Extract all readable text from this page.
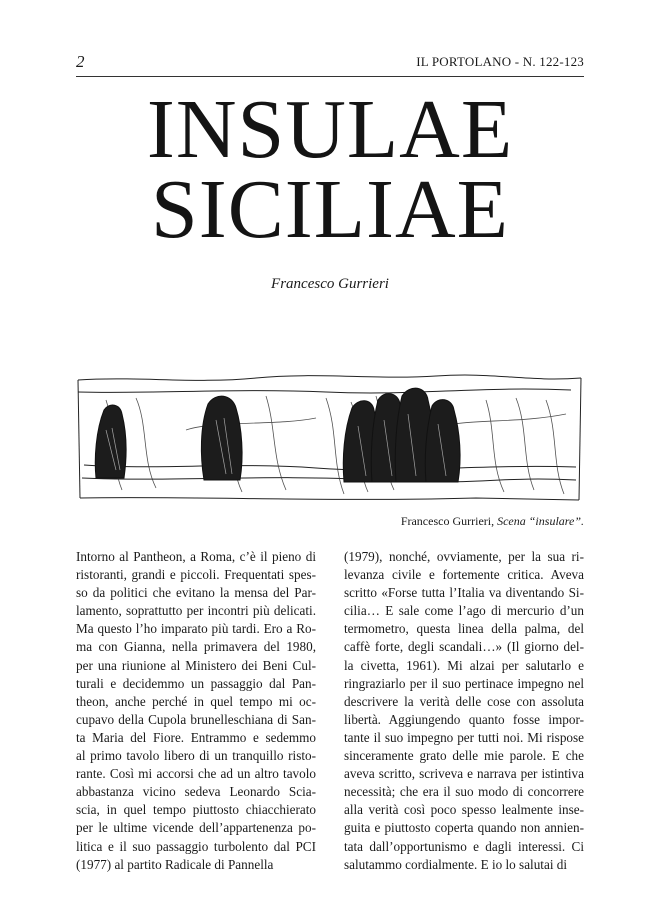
2	IL PORTOLANO - N. 122-123
INSULAE
SICILIAE
Francesco Gurrieri
Francesco Gurrieri, Scena “insulare”.
Intorno al Pantheon, a Roma, c’è il pieno di
ristoranti, grandi e piccoli. Frequentati spes-
so da politici che evitano la mensa del Par-
lamento, soprattutto per incontri più delicati.
Ma questo l’ho imparato più tardi. Ero a Ro-
ma con Gianna, nella primavera del 1980,
per una riunione al Ministero dei Beni Cul-
turali e decidemmo un passaggio dal Pan-
theon, anche perché in quel tempo mi oc-
cupavo della Cupola brunelleschiana di San-
ta Maria del Fiore. Entrammo e sedemmo
al primo tavolo libero di un tranquillo risto-
rante. Così mi accorsi che ad un altro tavolo
abbastanza vicino sedeva Leonardo Scia-
scia, in quel tempo piuttosto chiacchierato
per le ultime vicende dell’appartenenza po-
litica e il suo passaggio turbolento dal PCI
(1977) al partito Radicale di Pannella
(1979), nonché, ovviamente, per la sua ri-
levanza civile e fortemente critica. Aveva
scritto «Forse tutta l’Italia va diventando Si-
cilia… E sale come l’ago di mercurio d’un
termometro, questa linea della palma, del
caffè forte, degli scandali…» (Il giorno del-
la civetta, 1961). Mi alzai per salutarlo e
ringraziarlo per il suo pertinace impegno nel
descrivere la verità delle cose con assoluta
libertà. Aggiungendo quanto fosse impor-
tante il suo impegno per tutti noi. Mi rispose
sinceramente grato delle mie parole. E che
aveva scritto, scriveva e narrava per istintiva
necessità; che era il suo modo di concorrere
alla verità così poco spesso lealmente inse-
guita e piuttosto coperta quando non annien-
tata dall’opportunismo e dagli interessi. Ci
salutammo cordialmente. E io lo salutai di
